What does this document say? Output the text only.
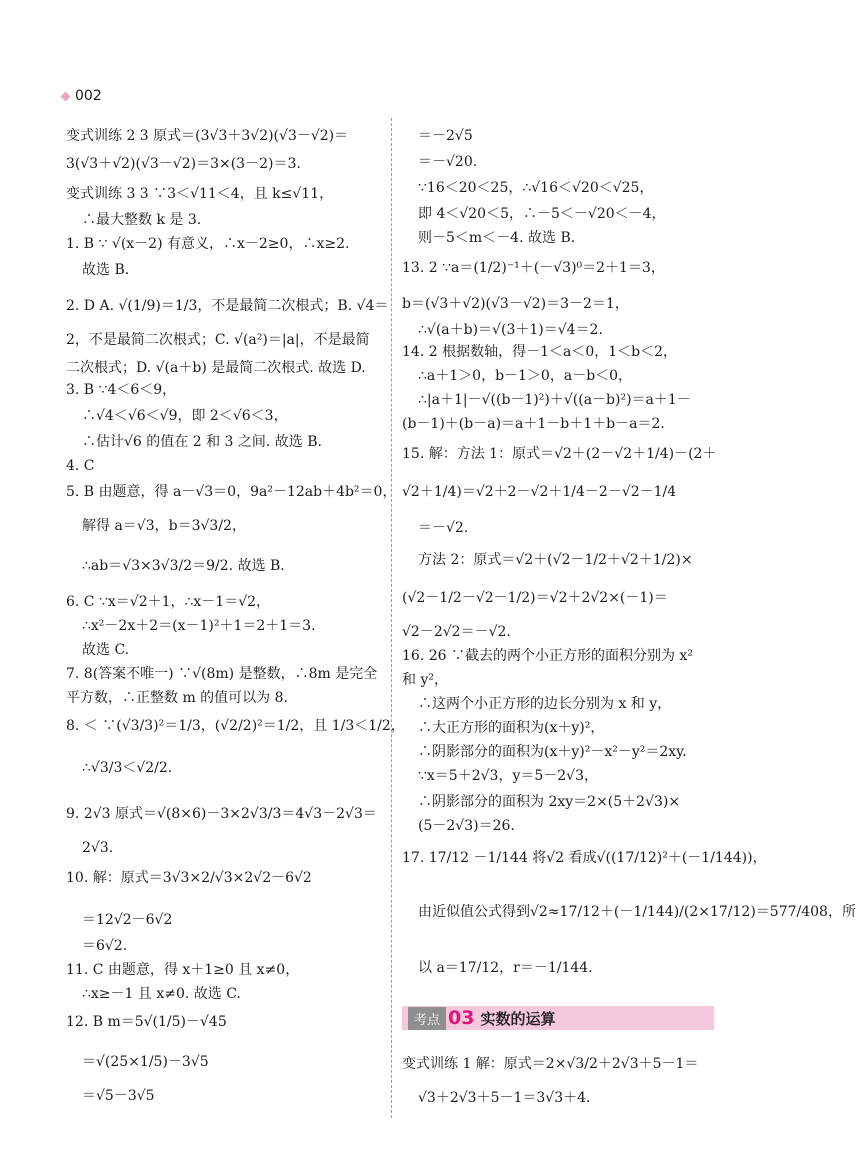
002
变式训练 2 3 原式＝(3√3＋3√2)(√3－√2)＝
3(√3＋√2)(√3－√2)＝3×(3－2)＝3.
变式训练 3 3 ∵3＜√11＜4，且 k≤√11，
∴最大整数 k 是 3.
1. B ∵ √(x－2) 有意义，∴x－2≥0，∴x≥2.
故选 B.
2. D A. √(1/9)＝1/3，不是最简二次根式；B. √4＝
2，不是最简二次根式；C. √(a²)＝|a|，不是最简
二次根式；D. √(a＋b) 是最简二次根式. 故选 D.
3. B ∵4＜6＜9，
∴√4＜√6＜√9，即 2＜√6＜3，
∴估计√6 的值在 2 和 3 之间. 故选 B.
4. C
5. B 由题意，得 a－√3＝0，9a²－12ab＋4b²＝0，
解得 a＝√3，b＝3√3/2，
∴ab＝√3×3√3/2＝9/2. 故选 B.
6. C ∵x＝√2＋1，∴x－1＝√2，
∴x²－2x＋2＝(x－1)²＋1＝2＋1＝3.
故选 C.
7. 8(答案不唯一) ∵√(8m) 是整数，∴8m 是完全
平方数，∴正整数 m 的值可以为 8.
8. ＜ ∵(√3/3)²＝1/3，(√2/2)²＝1/2，且 1/3＜1/2，
∴√3/3＜√2/2.
9. 2√3 原式＝√(8×6)－3×2√3/3＝4√3－2√3＝
2√3.
10. 解：原式＝3√3×2/√3×2√2－6√2
＝12√2－6√2
＝6√2.
11. C 由题意，得 x＋1≥0 且 x≠0，
∴x≥－1 且 x≠0. 故选 C.
12. B m＝5√(1/5)－√45
＝√(25×1/5)－3√5
＝√5－3√5
＝－2√5
＝－√20.
∵16＜20＜25，∴√16＜√20＜√25，
即 4＜√20＜5，∴－5＜－√20＜－4，
则－5＜m＜－4. 故选 B.
13. 2 ∵a＝(1/2)⁻¹＋(－√3)⁰＝2＋1＝3，
b＝(√3＋√2)(√3－√2)＝3－2＝1，
∴√(a＋b)＝√(3＋1)＝√4＝2.
14. 2 根据数轴，得－1＜a＜0，1＜b＜2，
∴a＋1＞0，b－1＞0，a－b＜0，
∴|a＋1|－√((b－1)²)＋√((a－b)²)＝a＋1－
(b－1)＋(b－a)＝a＋1－b＋1＋b－a＝2.
15. 解：方法 1：原式＝√2＋(2－√2＋1/4)－(2＋
√2＋1/4)＝√2＋2－√2＋1/4－2－√2－1/4
＝－√2.
方法 2：原式＝√2＋(√2－1/2＋√2＋1/2)×
(√2－1/2－√2－1/2)＝√2＋2√2×(－1)＝
√2－2√2＝－√2.
16. 26 ∵截去的两个小正方形的面积分别为 x²
和 y²，
∴这两个小正方形的边长分别为 x 和 y，
∴大正方形的面积为(x＋y)²，
∴阴影部分的面积为(x＋y)²－x²－y²＝2xy.
∵x＝5＋2√3，y＝5－2√3，
∴阴影部分的面积为 2xy＝2×(5＋2√3)×
(5－2√3)＝26.
17. 17/12 －1/144 将√2 看成√((17/12)²＋(－1/144))，
由近似值公式得到√2≈17/12＋(－1/144)/(2×17/12)＝577/408，所
以 a＝17/12，r＝－1/144.
变式训练 1 解：原式＝2×√3/2＋2√3＋5－1＝
√3＋2√3＋5－1＝3√3＋4.
考点 03 实数的运算
